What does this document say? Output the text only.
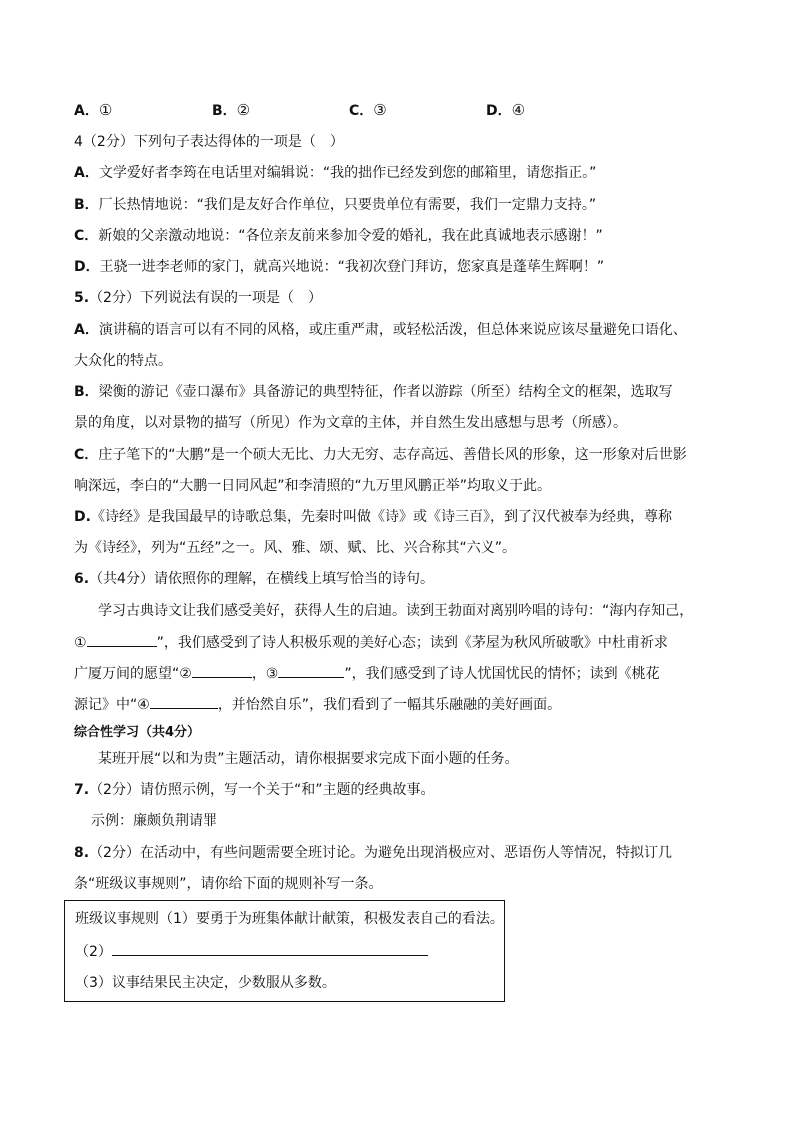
A．①	B．②	C．③	D．④
4（2分）下列句子表达得体的一项是（　）
A．文学爱好者李筠在电话里对编辑说：“我的拙作已经发到您的邮箱里，请您指正。”
B．厂长热情地说：“我们是友好合作单位，只要贵单位有需要，我们一定鼎力支持。”
C．新娘的父亲激动地说：“各位亲友前来参加令爱的婚礼，我在此真诚地表示感谢！”
D．王骁一进李老师的家门，就高兴地说：“我初次登门拜访，您家真是蓬荜生辉啊！”
5.（2分）下列说法有误的一项是（　）
A．演讲稿的语言可以有不同的风格，或庄重严肃，或轻松活泼，但总体来说应该尽量避免口语化、
大众化的特点。
B．梁衡的游记《壶口瀑布》具备游记的典型特征，作者以游踪（所至）结构全文的框架，选取写
景的角度，以对景物的描写（所见）作为文章的主体，并自然生发出感想与思考（所感）。
C．庄子笔下的“大鹏”是一个硕大无比、力大无穷、志存高远、善借长风的形象，这一形象对后世影
响深远，李白的“大鹏一日同风起”和李清照的“九万里风鹏正举”均取义于此。
D.《诗经》是我国最早的诗歌总集，先秦时叫做《诗》或《诗三百》，到了汉代被奉为经典，尊称
为《诗经》，列为“五经”之一。风、雅、颂、赋、比、兴合称其“六义”。
6.（共4分）请依照你的理解，在横线上填写恰当的诗句。
学习古典诗文让我们感受美好，获得人生的启迪。读到王勃面对离别吟唱的诗句：“海内存知己，
①	”，我们感受到了诗人积极乐观的美好心态；读到《茅屋为秋风所破歌》中杜甫祈求
广厦万间的愿望“②	，③	”，我们感受到了诗人忧国忧民的情怀；读到《桃花
源记》中“④	，并怡然自乐”，我们看到了一幅其乐融融的美好画面。
综合性学习（共4分）
某班开展“以和为贵”主题活动，请你根据要求完成下面小题的任务。
7.（2分）请仿照示例，写一个关于“和”主题的经典故事。
示例：廉颇负荆请罪
8.（2分）在活动中，有些问题需要全班讨论。为避免出现消极应对、恶语伤人等情况，特拟订几
条“班级议事规则”，请你给下面的规则补写一条。
班级议事规则（1）要勇于为班集体献计献策，积极发表自己的看法。
（2）
（3）议事结果民主决定，少数服从多数。
